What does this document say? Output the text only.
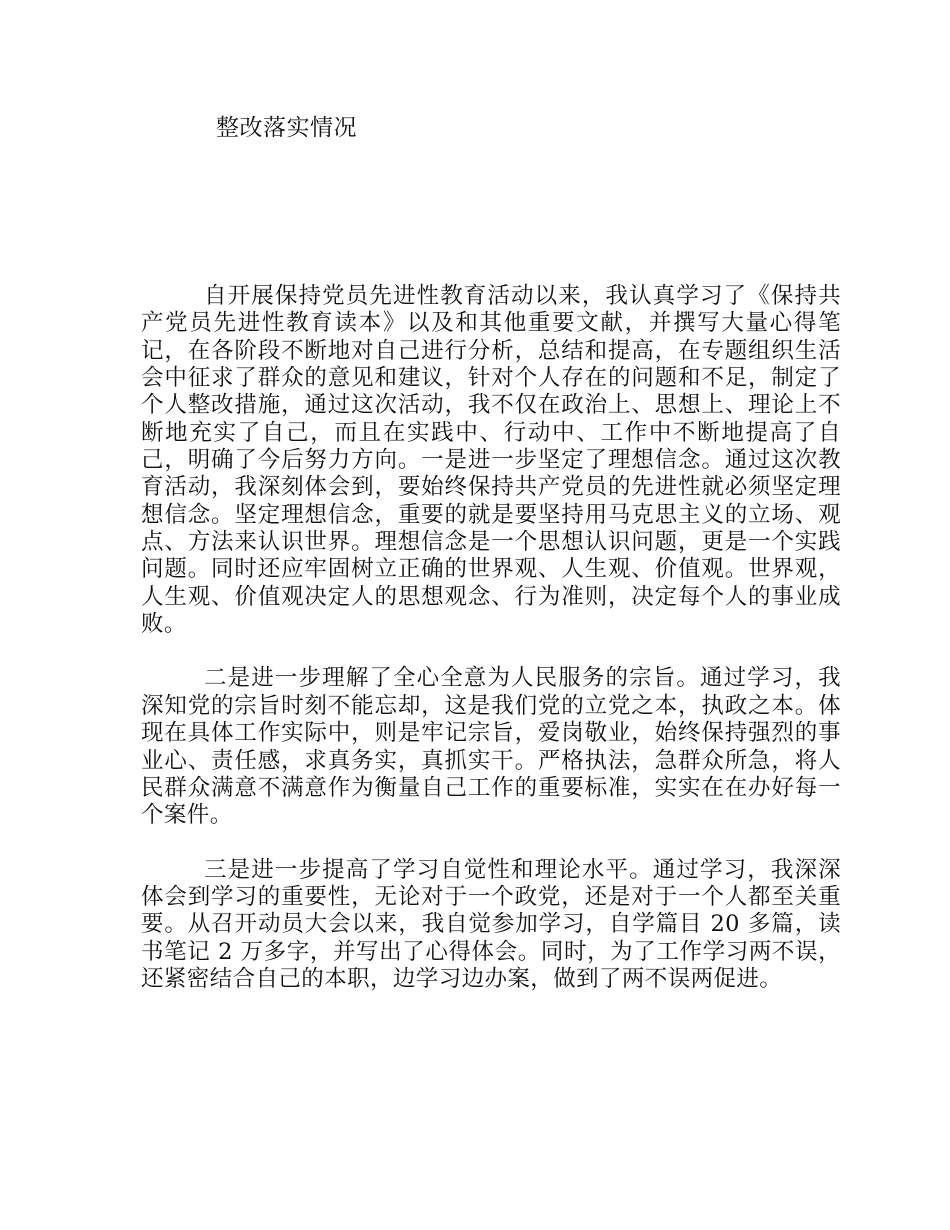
整改落实情况

自开展保持党员先进性教育活动以来，我认真学习了《保持共产党员先进性教育读本》以及和其他重要文献，并撰写大量心得笔记，在各阶段不断地对自己进行分析，总结和提高，在专题组织生活会中征求了群众的意见和建议，针对个人存在的问题和不足，制定了个人整改措施，通过这次活动，我不仅在政治上、思想上、理论上不断地充实了自己，而且在实践中、行动中、工作中不断地提高了自己，明确了今后努力方向。一是进一步坚定了理想信念。通过这次教育活动，我深刻体会到，要始终保持共产党员的先进性就必须坚定理想信念。坚定理想信念，重要的就是要坚持用马克思主义的立场、观点、方法来认识世界。理想信念是一个思想认识问题，更是一个实践问题。同时还应牢固树立正确的世界观、人生观、价值观。世界观，人生观、价值观决定人的思想观念、行为准则，决定每个人的事业成败。

二是进一步理解了全心全意为人民服务的宗旨。通过学习，我深知党的宗旨时刻不能忘却，这是我们党的立党之本，执政之本。体现在具体工作实际中，则是牢记宗旨，爱岗敬业，始终保持强烈的事业心、责任感，求真务实，真抓实干。严格执法，急群众所急，将人民群众满意不满意作为衡量自己工作的重要标准，实实在在办好每一个案件。

三是进一步提高了学习自觉性和理论水平。通过学习，我深深体会到学习的重要性，无论对于一个政党，还是对于一个人都至关重要。从召开动员大会以来，我自觉参加学习，自学篇目 20 多篇，读书笔记 2 万多字，并写出了心得体会。同时，为了工作学习两不误，还紧密结合自己的本职，边学习边办案，做到了两不误两促进。
